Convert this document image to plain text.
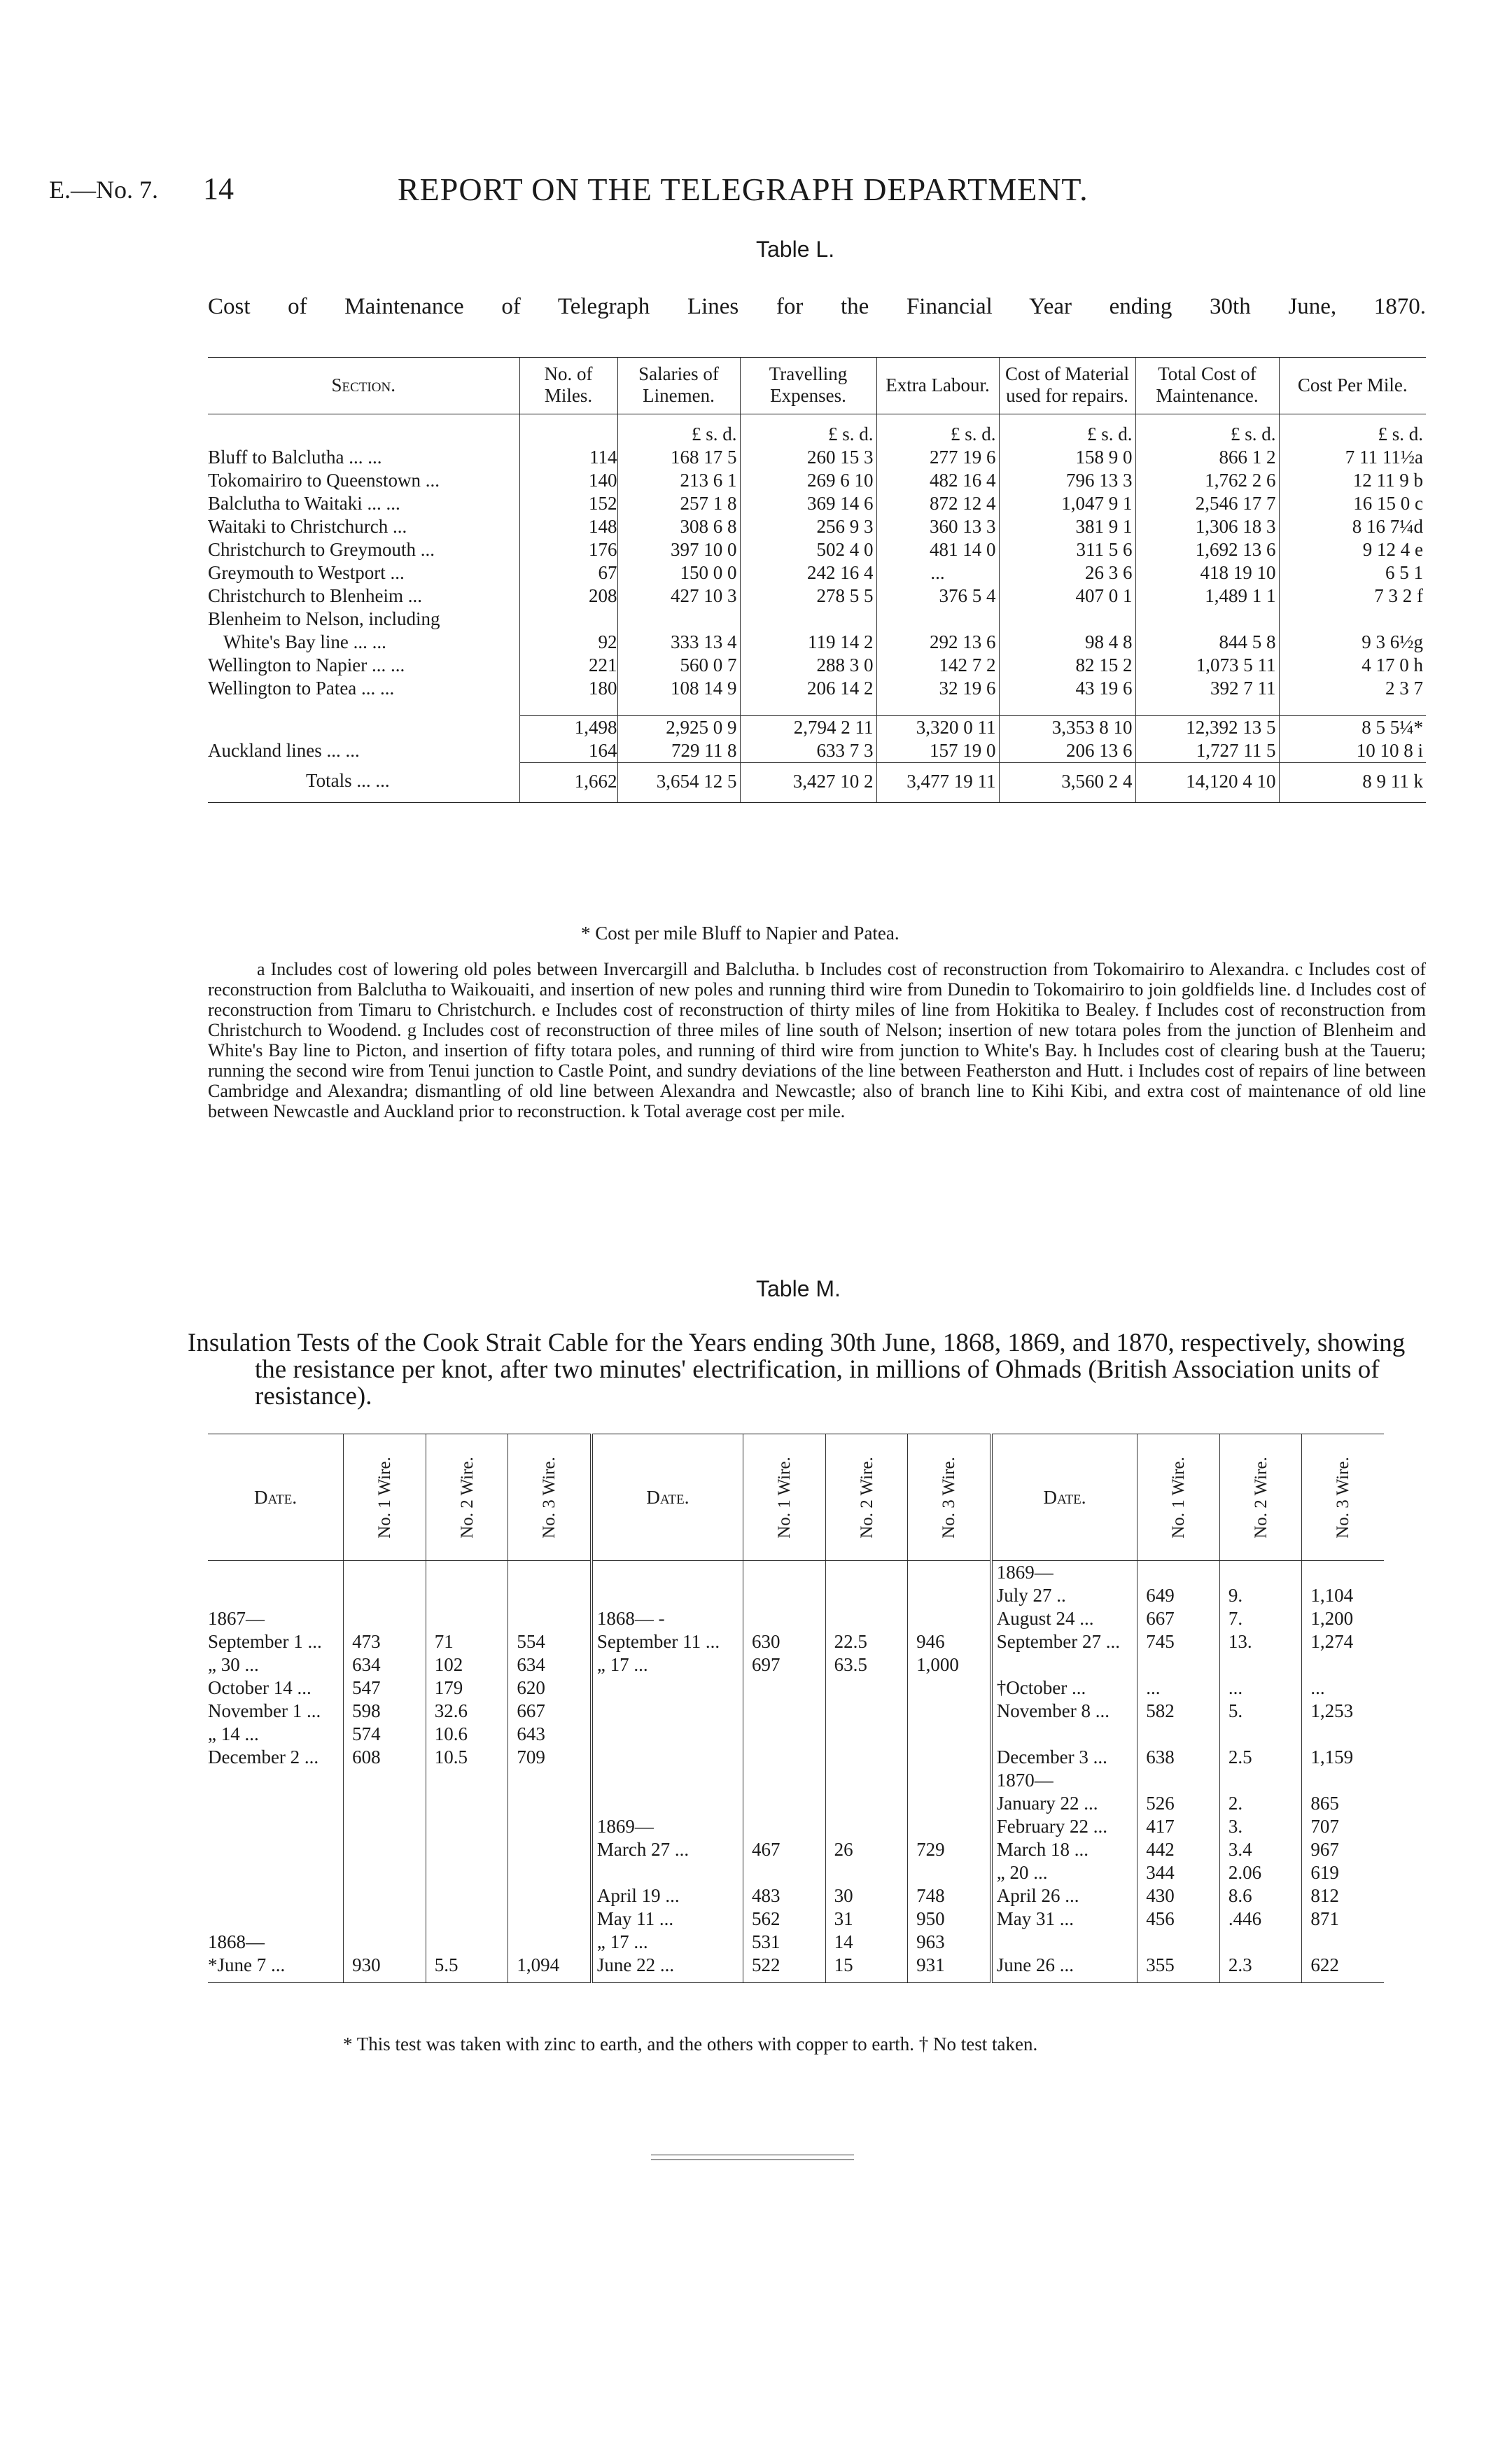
E.—No. 7. 14	REPORT ON THE TELEGRAPH DEPARTMENT.
Table L.
Cost of Maintenance of Telegraph Lines for the Financial Year ending 30th June, 1870.
Section.	No. of Miles.	Salaries of Linemen.	Travelling Expenses.	Extra Labour.	Cost of Material used for repairs.	Total Cost of Maintenance.	Cost Per Mile.
		£ s. d.	£ s. d.	£ s. d.	£ s. d.	£ s. d.	£ s. d.
Bluff to Balclutha ... ...	114	168 17 5	260 15 3	277 19 6	158 9 0	866 1 2	7 11 11½a
Tokomairiro to Queenstown ...	140	213 6 1	269 6 10	482 16 4	796 13 3	1,762 2 6	12 11 9 b
Balclutha to Waitaki ... ...	152	257 1 8	369 14 6	872 12 4	1,047 9 1	2,546 17 7	16 15 0 c
Waitaki to Christchurch ...	148	308 6 8	256 9 3	360 13 3	381 9 1	1,306 18 3	8 16 7¼d
Christchurch to Greymouth ...	176	397 10 0	502 4 0	481 14 0	311 5 6	1,692 13 6	9 12 4 e
Greymouth to Westport ...	67	150 0 0	242 16 4	...	26 3 6	418 19 10	6 5 1
Christchurch to Blenheim ...	208	427 10 3	278 5 5	376 5 4	407 0 1	1,489 1 1	7 3 2 f
Blenheim to Nelson, including							
White's Bay line ... ...	92	333 13 4	119 14 2	292 13 6	98 4 8	844 5 8	9 3 6½g
Wellington to Napier ... ...	221	560 0 7	288 3 0	142 7 2	82 15 2	1,073 5 11	4 17 0 h
Wellington to Patea ... ...	180	108 14 9	206 14 2	32 19 6	43 19 6	392 7 11	2 3 7

	1,498	2,925 0 9	2,794 2 11	3,320 0 11	3,353 8 10	12,392 13 5	8 5 5¼*
Auckland lines ... ...	164	729 11 8	633 7 3	157 19 0	206 13 6	1,727 11 5	10 10 8 i
Totals ... ...	1,662	3,654 12 5	3,427 10 2	3,477 19 11	3,560 2 4	14,120 4 10	8 9 11 k
* Cost per mile Bluff to Napier and Patea.
a Includes cost of lowering old poles between Invercargill and Balclutha. b Includes cost of reconstruction from Tokomairiro to Alexandra. c Includes cost of reconstruction from Balclutha to Waikouaiti, and insertion of new poles and running third wire from Dunedin to Tokomairiro to join goldfields line. d Includes cost of reconstruction from Timaru to Christchurch. e Includes cost of reconstruction of thirty miles of line from Hokitika to Bealey. f Includes cost of reconstruction from Christchurch to Woodend. g Includes cost of reconstruction of three miles of line south of Nelson; insertion of new totara poles from the junction of Blenheim and White's Bay line to Picton, and insertion of fifty totara poles, and running of third wire from junction to White's Bay. h Includes cost of clearing bush at the Taueru; running the second wire from Tenui junction to Castle Point, and sundry deviations of the line between Featherston and Hutt. i Includes cost of repairs of line between Cambridge and Alexandra; dismantling of old line between Alexandra and Newcastle; also of branch line to Kihi Kibi, and extra cost of maintenance of old line between Newcastle and Auckland prior to reconstruction. k Total average cost per mile.
Table M.
Insulation Tests of the Cook Strait Cable for the Years ending 30th June, 1868, 1869, and 1870, respectively, showing the resistance per knot, after two minutes' electrification, in millions of Ohmads (British Association units of resistance).
Date.	No. 1 Wire.	No. 2 Wire.	No. 3 Wire.	Date.	No. 1 Wire.	No. 2 Wire.	No. 3 Wire.	Date.	No. 1 Wire.	No. 2 Wire.	No. 3 Wire.
								1869—			
								July 27 ..	649	9.	1,104
1867—				1868— -				August 24 ...	667	7.	1,200
September 1 ...	473	71	554	September 11 ...	630	22.5	946	September 27 ...	745	13.	1,274
„ 30 ...	634	102	634	„ 17 ...	697	63.5	1,000				
October 14 ...	547	179	620					†October ...	...	...	...
November 1 ...	598	32.6	667					November 8 ...	582	5.	1,253
„ 14 ...	574	10.6	643								
December 2 ...	608	10.5	709					December 3 ...	638	2.5	1,159
								1870—			
								January 22 ...	526	2.	865
				1869—				February 22 ...	417	3.	707
				March 27 ...	467	26	729	March 18 ...	442	3.4	967
								„ 20 ...	344	2.06	619
				April 19 ...	483	30	748	April 26 ...	430	8.6	812
				May 11 ...	562	31	950	May 31 ...	456	.446	871
1868—				„ 17 ...	531	14	963				
*June 7 ...	930	5.5	1,094	June 22 ...	522	15	931	June 26 ...	355	2.3	622
* This test was taken with zinc to earth, and the others with copper to earth. † No test taken.
